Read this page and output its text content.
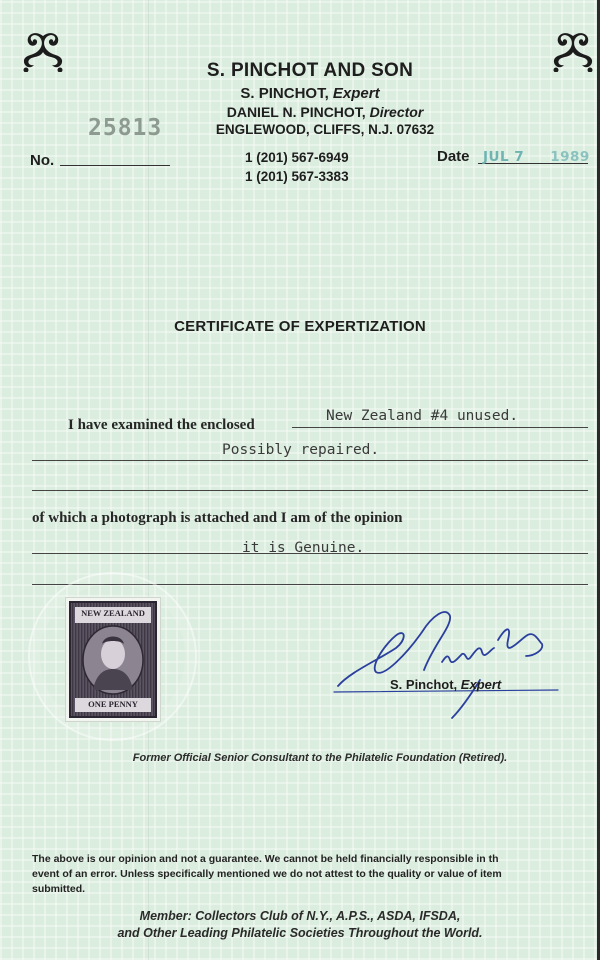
S. PINCHOT AND SON
S. PINCHOT, Expert
DANIEL N. PINCHOT, Director
ENGLEWOOD, CLIFFS, N.J. 07632
25813
No.	1 (201) 567-6949
1 (201) 567-3383
Date JUL 7 1989
CERTIFICATE OF EXPERTIZATION
I have examined the enclosed
New Zealand #4 unused.
Possibly repaired.
of which a photograph is attached and I am of the opinion
it is Genuine.
NEW ZEALAND
ONE PENNY
S. Pinchot, Expert
Former Official Senior Consultant to the Philatelic Foundation (Retired).
The above is our opinion and not a guarantee. We cannot be held financially responsible in th
event of an error. Unless specifically mentioned we do not attest to the quality or value of item
submitted.
Member: Collectors Club of N.Y., A.P.S., ASDA, IFSDA,
and Other Leading Philatelic Societies Throughout the World.
